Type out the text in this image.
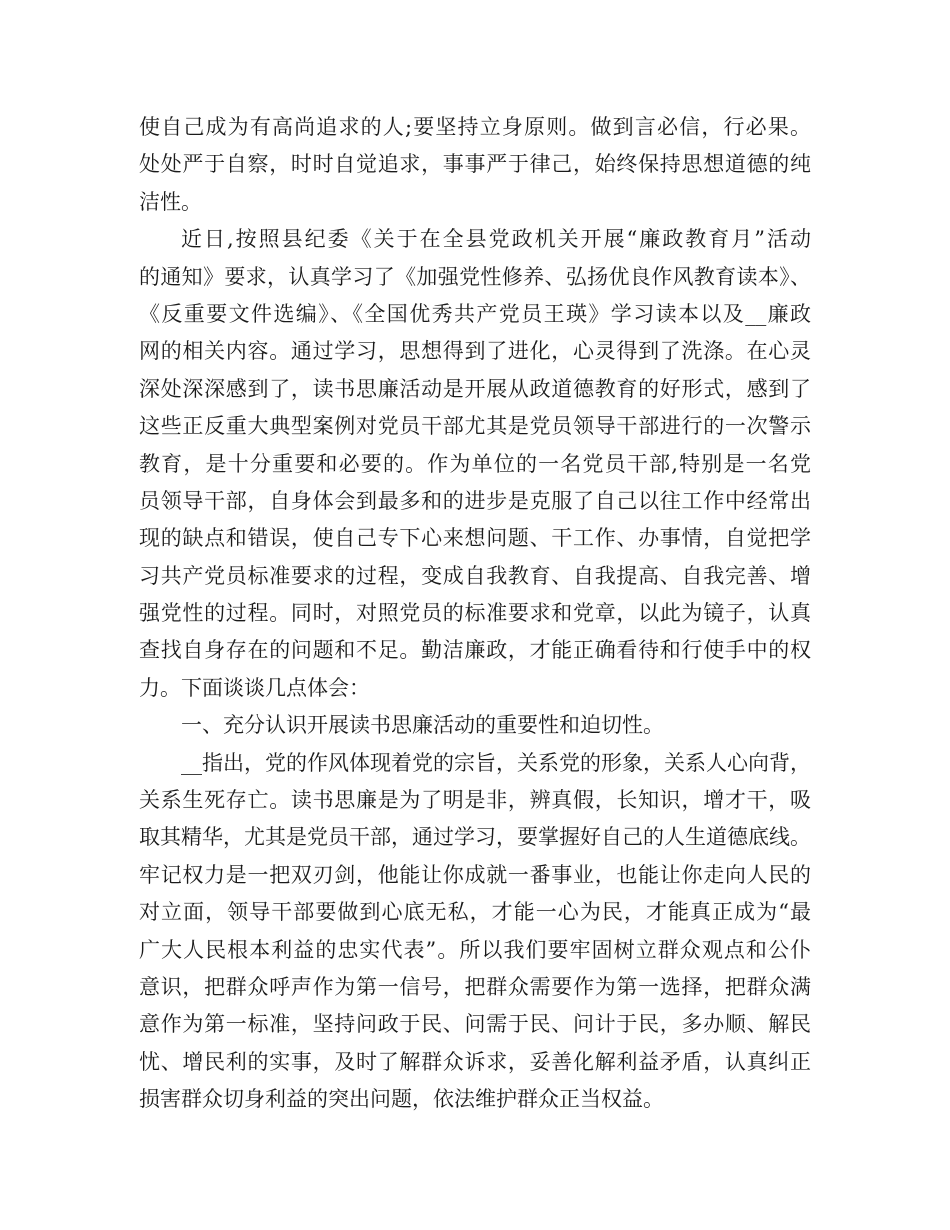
使自己成为有高尚追求的人;要坚持立身原则。做到言必信，行必果。
处处严于自察，时时自觉追求，事事严于律己，始终保持思想道德的纯
洁性。
近日,按照县纪委《关于在全县党政机关开展“廉政教育月”活动
的通知》要求，认真学习了《加强党性修养、弘扬优良作风教育读本》、
《反重要文件选编》、《全国优秀共产党员王瑛》学习读本以及__廉政
网的相关内容。通过学习，思想得到了进化，心灵得到了洗涤。在心灵
深处深深感到了，读书思廉活动是开展从政道德教育的好形式，感到了
这些正反重大典型案例对党员干部尤其是党员领导干部进行的一次警示
教育，是十分重要和必要的。作为单位的一名党员干部,特别是一名党
员领导干部，自身体会到最多和的进步是克服了自己以往工作中经常出
现的缺点和错误，使自己专下心来想问题、干工作、办事情，自觉把学
习共产党员标准要求的过程，变成自我教育、自我提高、自我完善、增
强党性的过程。同时，对照党员的标准要求和党章，以此为镜子，认真
查找自身存在的问题和不足。勤洁廉政，才能正确看待和行使手中的权
力。下面谈谈几点体会：
一、充分认识开展读书思廉活动的重要性和迫切性。
__指出，党的作风体现着党的宗旨，关系党的形象，关系人心向背，
关系生死存亡。读书思廉是为了明是非，辨真假，长知识，增才干，吸
取其精华，尤其是党员干部，通过学习，要掌握好自己的人生道德底线。
牢记权力是一把双刃剑，他能让你成就一番事业，也能让你走向人民的
对立面，领导干部要做到心底无私，才能一心为民，才能真正成为“最
广大人民根本利益的忠实代表”。所以我们要牢固树立群众观点和公仆
意识，把群众呼声作为第一信号，把群众需要作为第一选择，把群众满
意作为第一标准，坚持问政于民、问需于民、问计于民，多办顺、解民
忧、增民利的实事，及时了解群众诉求，妥善化解利益矛盾，认真纠正
损害群众切身利益的突出问题，依法维护群众正当权益。
